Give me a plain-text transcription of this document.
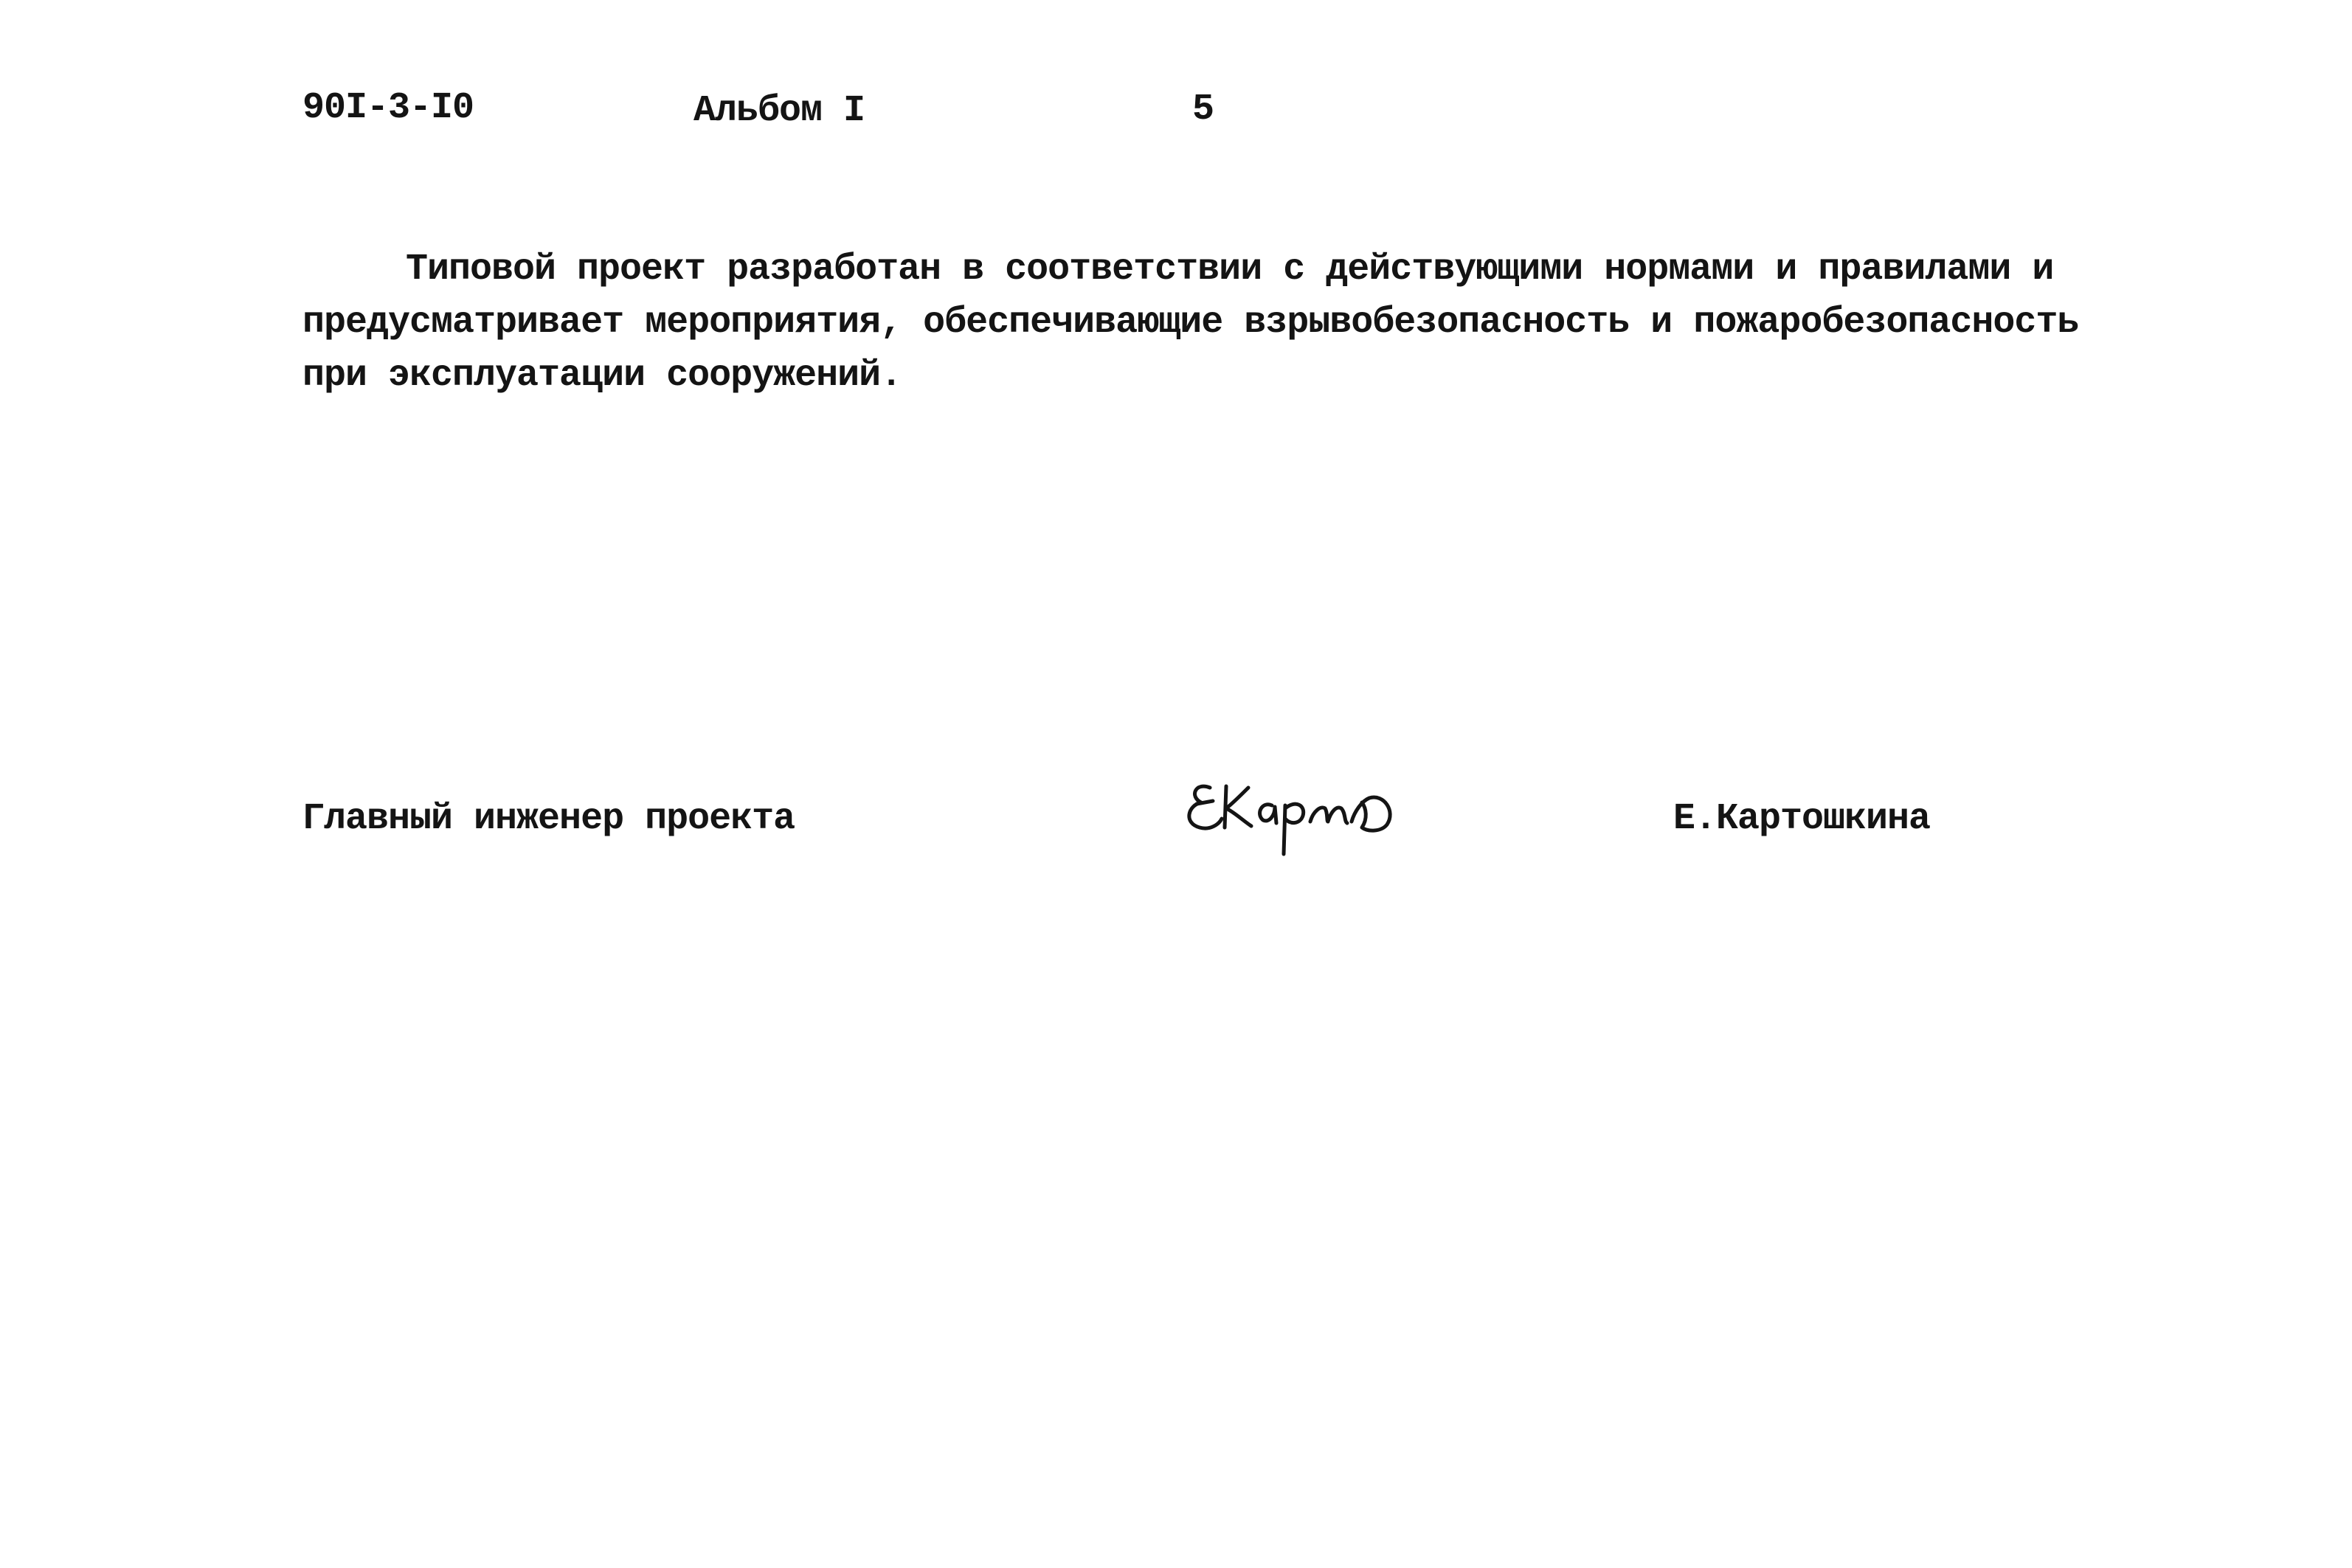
90I-3-I0	Альбом I	5
Типовой проект разработан в соответствии с действующими нормами и правилами и
предусматривает мероприятия, обеспечивающие взрывобезопасность и пожаробезопасность
при эксплуатации сооружений.
Главный инженер проекта	Е.Картошкина
